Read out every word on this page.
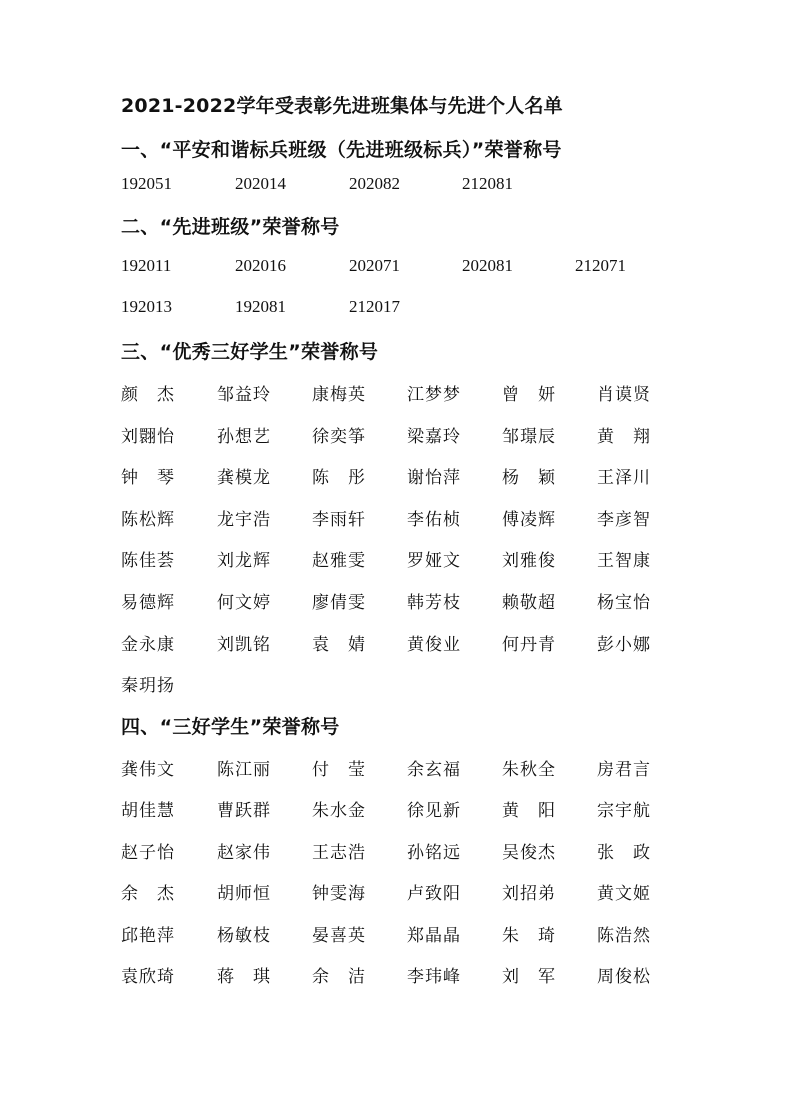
2021-2022学年受表彰先进班集体与先进个人名单
一、“平安和谐标兵班级（先进班级标兵）”荣誉称号
192051	202014	202082	212081
二、“先进班级”荣誉称号
192011	202016	202071	202081	212071
192013	192081	212017
三、“优秀三好学生”荣誉称号
颜　杰 邹益玲 康梅英 江梦梦 曾　妍 肖谟贤
刘翾怡 孙想艺 徐奕筝 梁嘉玲 邹璟辰 黄　翔
钟　琴 龚模龙 陈　彤 谢怡萍 杨　颖 王泽川
陈松辉 龙宇浩 李雨轩 李佑桢 傅凌辉 李彦智
陈佳荟 刘龙辉 赵雅雯 罗娅文 刘雅俊 王智康
易德辉 何文婷 廖倩雯 韩芳枝 赖敬超 杨宝怡
金永康 刘凯铭 袁　婧 黄俊业 何丹青 彭小娜
秦玥扬
四、“三好学生”荣誉称号
龚伟文 陈江丽 付　莹 余玄福 朱秋全 房君言
胡佳慧 曹跃群 朱水金 徐见新 黄　阳 宗宇航
赵子怡 赵家伟 王志浩 孙铭远 吴俊杰 张　政
余　杰 胡师恒 钟雯海 卢致阳 刘招弟 黄文姬
邱艳萍 杨敏枝 晏喜英 郑晶晶 朱　琦 陈浩然
袁欣琦 蒋　琪 余　洁 李玮峰 刘　军 周俊松
